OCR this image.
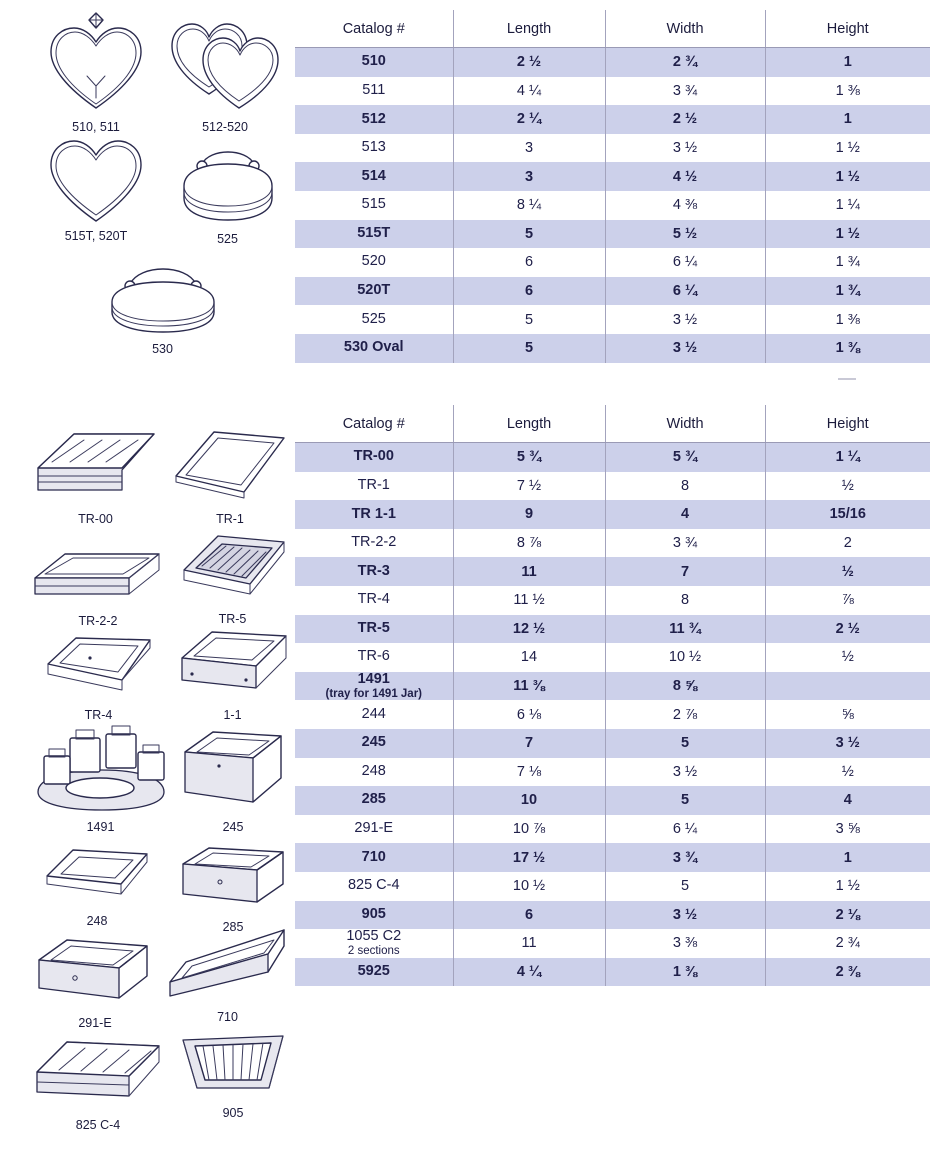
510, 511	512-520
515T, 520T	525
530
TR-00	TR-1
TR-2-2	TR-5
TR-4	1-1
1491	245
248	285
291-E	710
825 C-4
905
Catalog #	Length	Width	Height

510	2 ½	2 ¾	1

511	4 ¼	3 ¾	1 ⅜

512	2 ¼	2 ½	1

513	3	3 ½	1 ½

514	3	4 ½	1 ½

515	8 ¼	4 ⅜	1 ¼

515T	5	5 ½	1 ½

520	6	6 ¼	1 ¾

520T	6	6 ¼	1 ¾

525	5	3 ½	1 ⅜

530 Oval	5	3 ½	1 ⅜
Catalog #	Length	Width	Height

TR-00	5 ¾	5 ¾	1 ¼

TR-1	7 ½	8	½

TR 1-1	9	4	15/16

TR-2-2	8 ⅞	3 ¾	2

TR-3	11	7	½

TR-4	11 ½	8	⅞

TR-5	12 ½	11 ¾	2 ½

TR-6	14	10 ½	½

1491
(tray for 1491 Jar)	11 ⅜	8 ⅝	

244	6 ⅛	2 ⅞	⅝

245	7	5	3 ½

248	7 ⅛	3 ½	½

285	10	5	4

291-E	10 ⅞	6 ¼	3 ⅝

710	17 ½	3 ¾	1

825 C-4	10 ½	5	1 ½

905	6	3 ½	2 ⅛

1055 C2
2 sections	11	3 ⅜	2 ¾

5925	4 ¼	1 ⅜	2 ⅜
